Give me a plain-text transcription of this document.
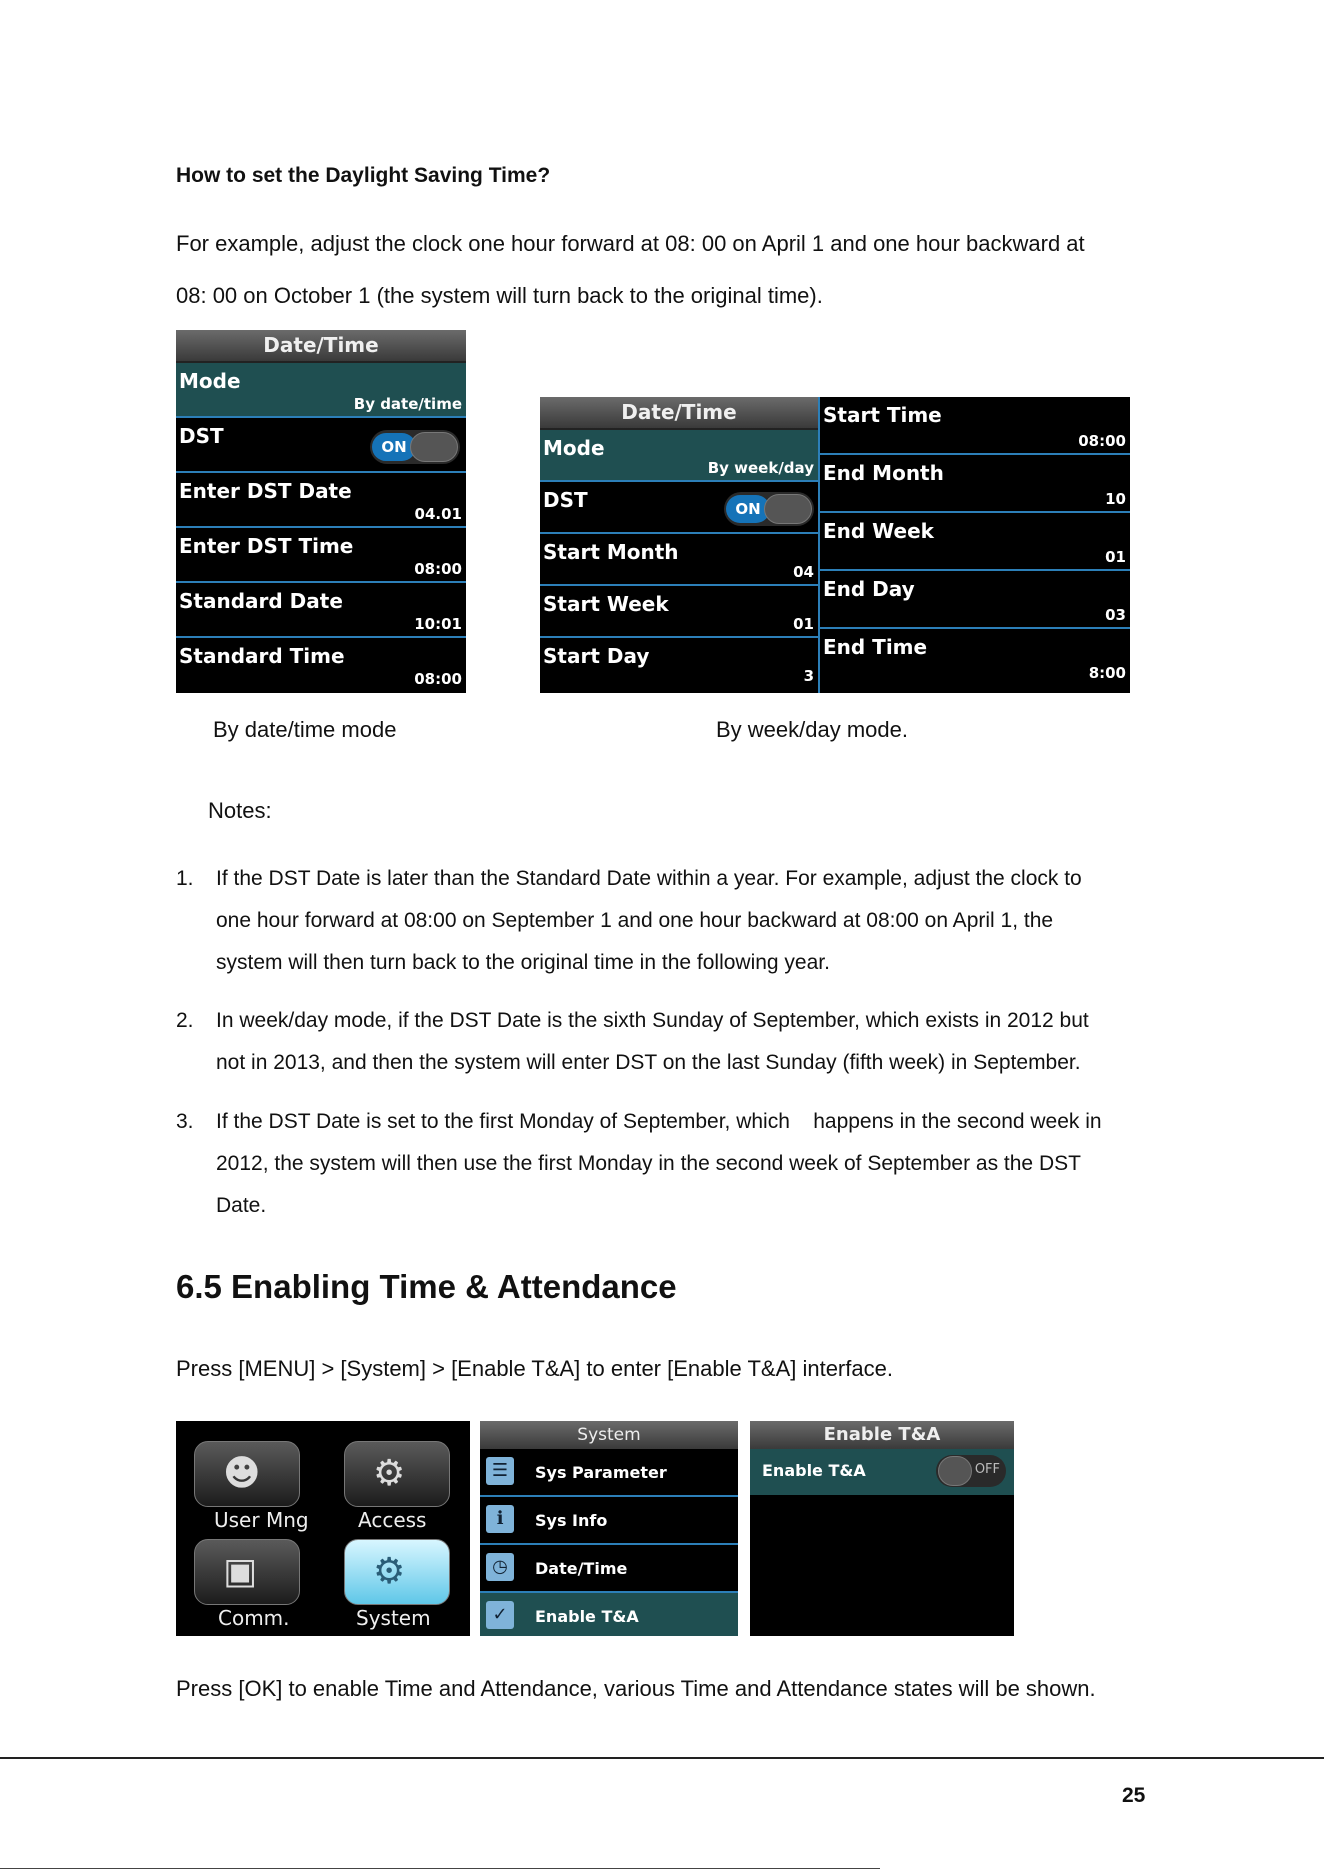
How to set the Daylight Saving Time?
For example, adjust the clock one hour forward at 08: 00 on April 1 and one hour backward at
08: 00 on October 1 (the system will turn back to the original time).
Date/Time
Mode
By date/time
DST	ON
Enter DST Date
04.01
Enter DST Time
08:00
Standard Date
10:01
Standard Time
08:00
Date/Time
Mode
By week/day
DST	ON
Start Month
04
Start Week
01
Start Day
3
Start Time
08:00
End Month
10
End Week
01
End Day
03
End Time
8:00
By date/time mode	By week/day mode.
Notes:
1. If the DST Date is later than the Standard Date within a year. For example, adjust the clock to
one hour forward at 08:00 on September 1 and one hour backward at 08:00 on April 1, the
system will then turn back to the original time in the following year.
2. In week/day mode, if the DST Date is the sixth Sunday of September, which exists in 2012 but
not in 2013, and then the system will enter DST on the last Sunday (fifth week) in September.
3. If the DST Date is set to the first Monday of September, which    happens in the second week in
2012, the system will then use the first Monday in the second week of September as the DST
Date.
6.5 Enabling Time & Attendance
Press [MENU] > [System] > [Enable T&A] to enter [Enable T&A] interface.
☻
User Mng
⚙
Access
▣
Comm.
⚙
System
System
☰	Sys Parameter
ℹ	Sys Info
◷	Date/Time
✓	Enable T&A
Enable T&A
Enable T&A	OFF
Press [OK] to enable Time and Attendance, various Time and Attendance states will be shown.
25
